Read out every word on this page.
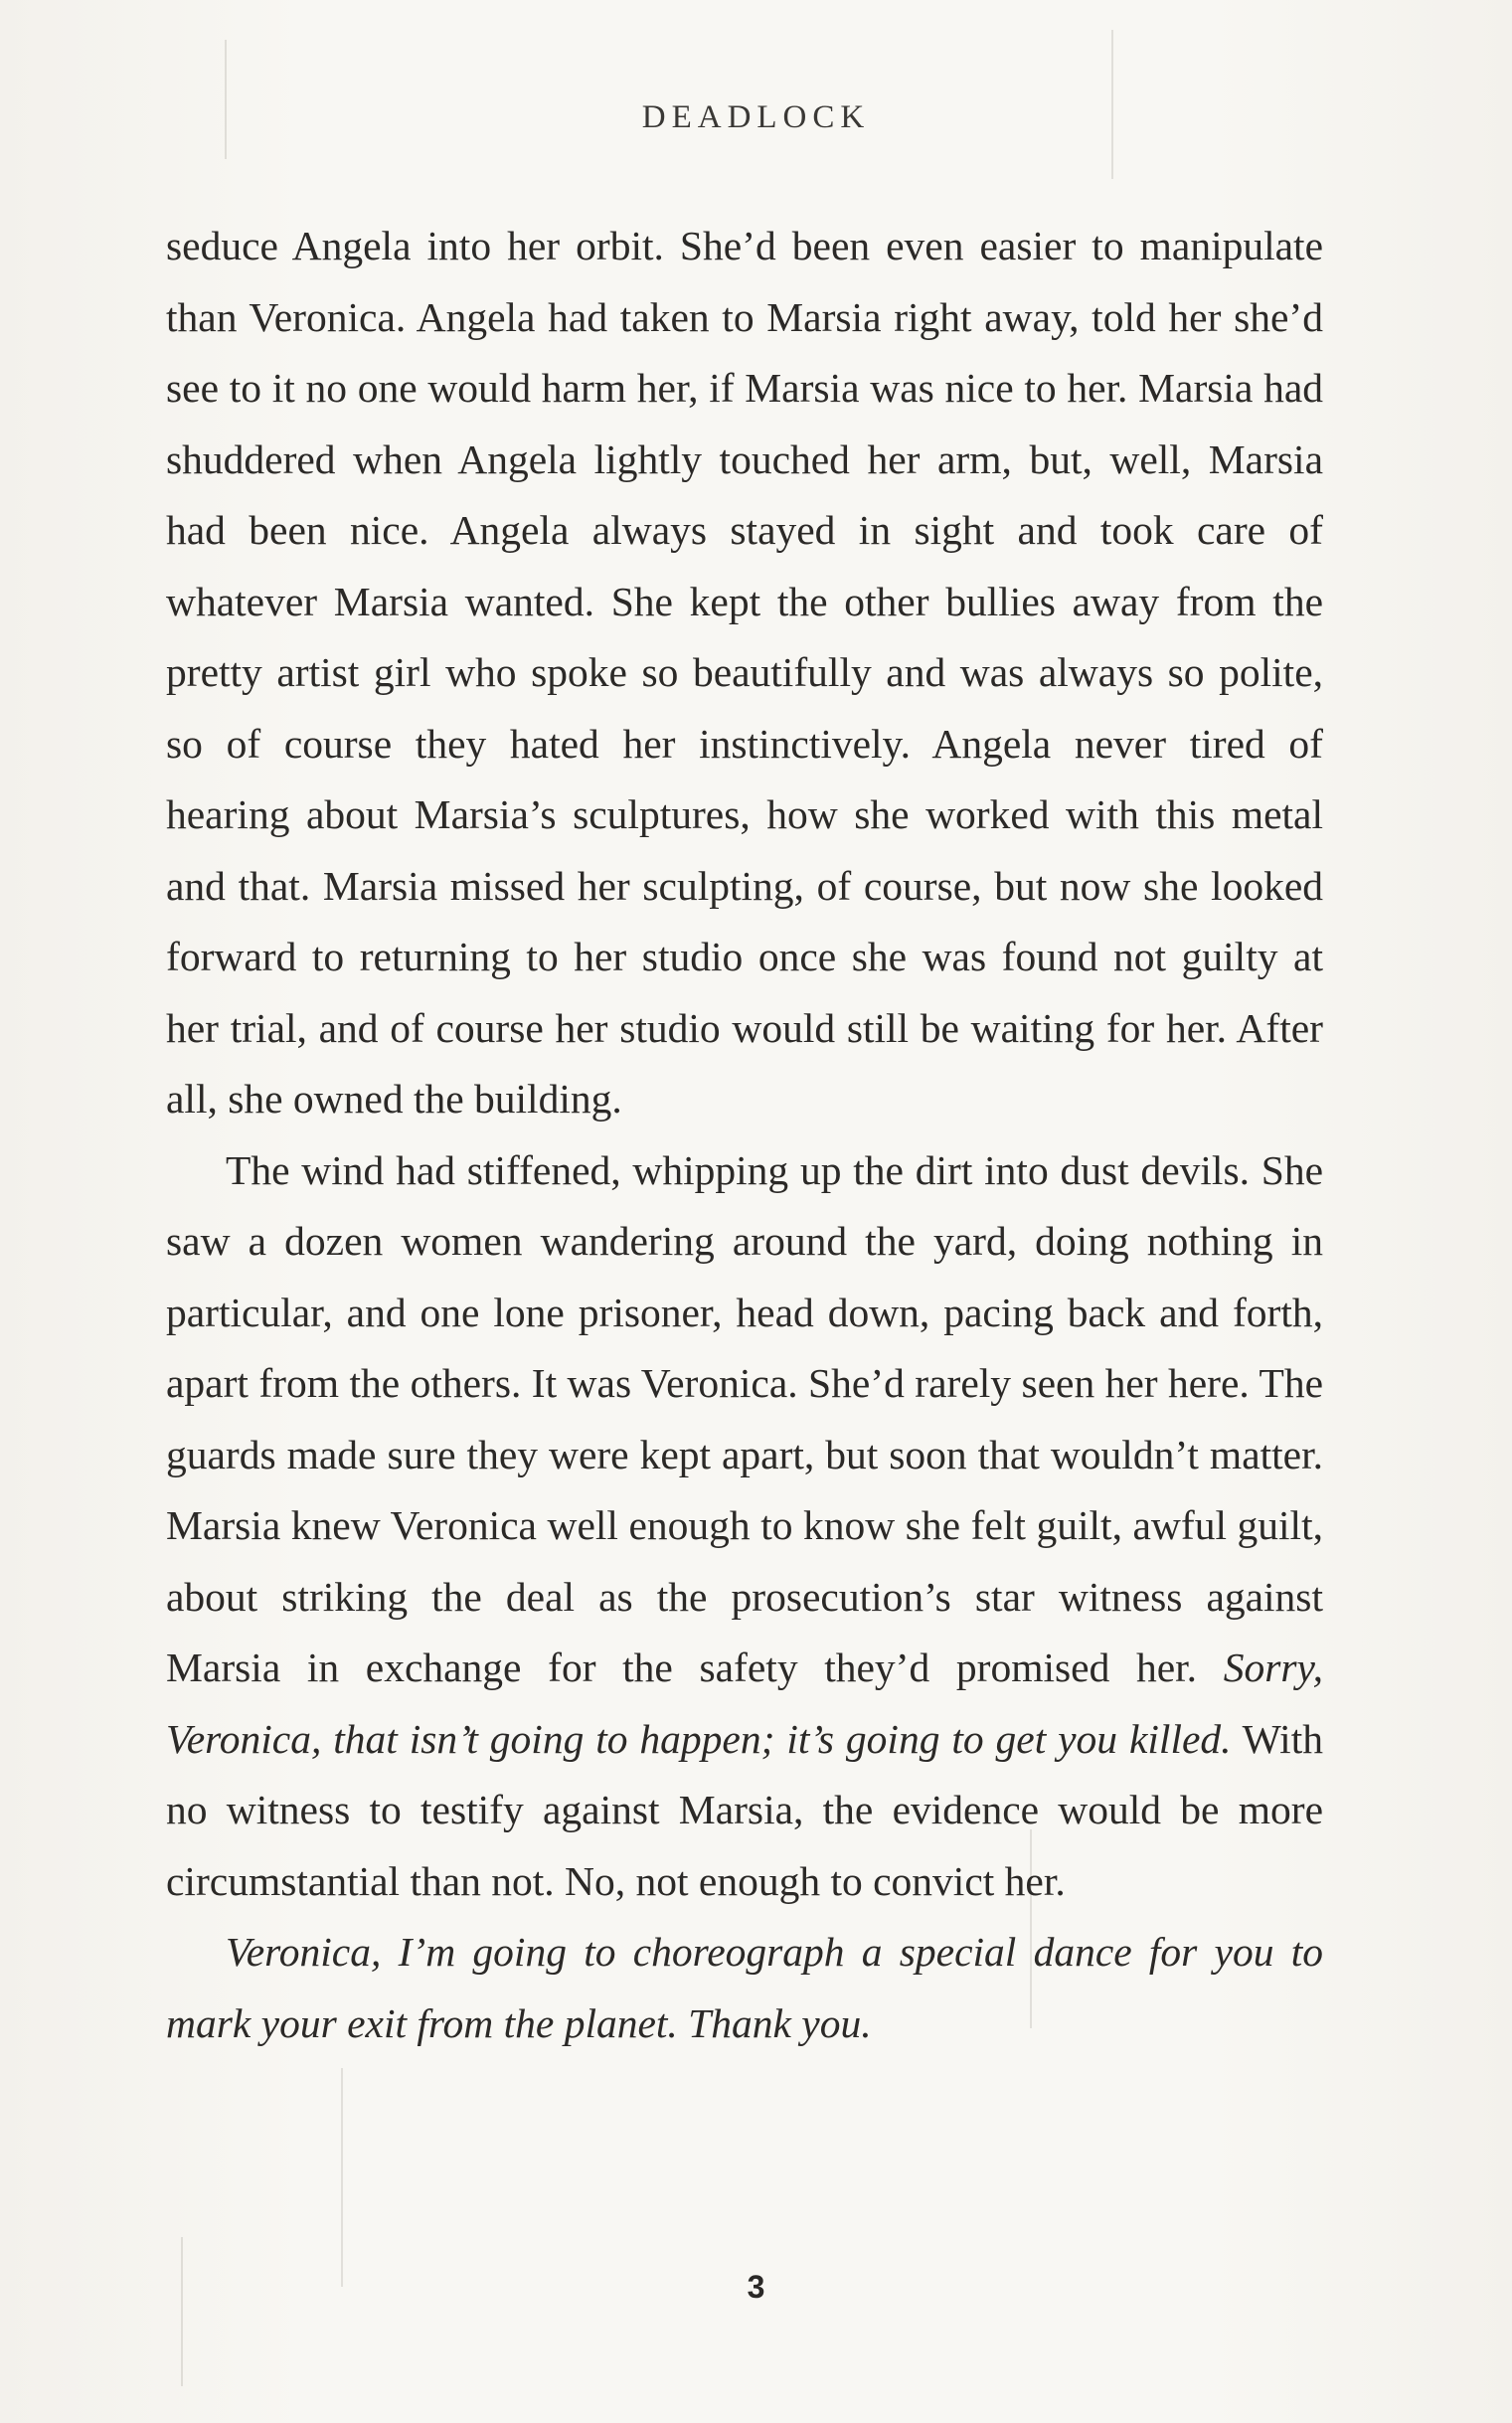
DEADLOCK

seduce Angela into her orbit. She’d been even easier to manipulate than Veronica. Angela had taken to Marsia right away, told her she’d see to it no one would harm her, if Marsia was nice to her. Marsia had shuddered when Angela lightly touched her arm, but, well, Marsia had been nice. Angela always stayed in sight and took care of whatever Marsia wanted. She kept the other bullies away from the pretty artist girl who spoke so beautifully and was always so polite, so of course they hated her instinctively. Angela never tired of hearing about Marsia’s sculptures, how she worked with this metal and that. Marsia missed her sculpting, of course, but now she looked forward to returning to her studio once she was found not guilty at her trial, and of course her studio would still be waiting for her. After all, she owned the building.

The wind had stiffened, whipping up the dirt into dust devils. She saw a dozen women wandering around the yard, doing nothing in particular, and one lone prisoner, head down, pacing back and forth, apart from the others. It was Veronica. She’d rarely seen her here. The guards made sure they were kept apart, but soon that wouldn’t matter. Marsia knew Veronica well enough to know she felt guilt, awful guilt, about striking the deal as the prosecution’s star witness against Marsia in exchange for the safety they’d promised her. Sorry, Veronica, that isn’t going to happen; it’s going to get you killed. With no witness to testify against Marsia, the evidence would be more circumstantial than not. No, not enough to convict her.

Veronica, I’m going to choreograph a special dance for you to mark your exit from the planet. Thank you.

3
